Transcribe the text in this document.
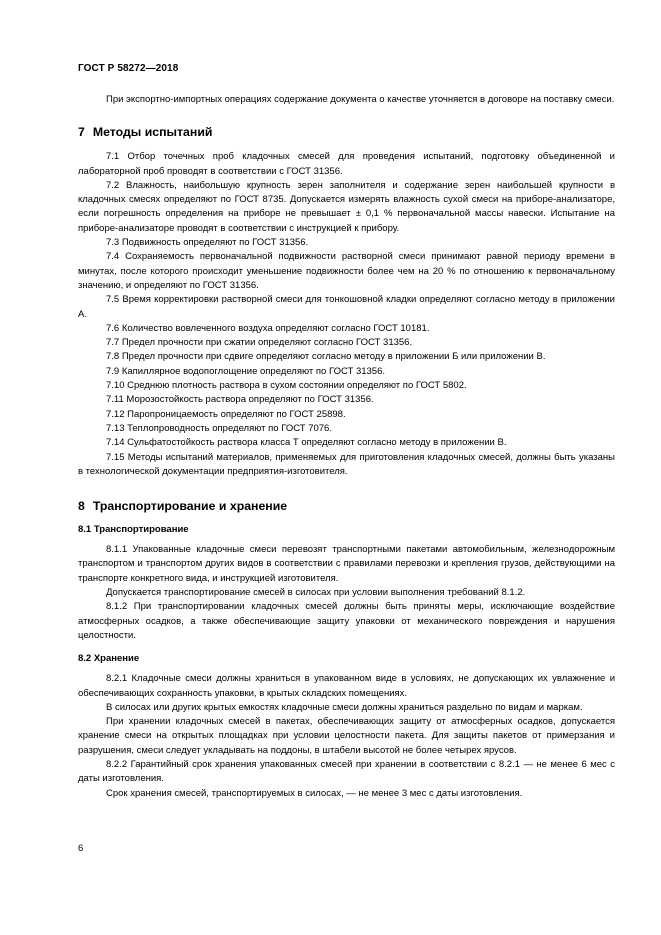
ГОСТ Р 58272—2018

При экспортно-импортных операциях содержание документа о качестве уточняется в договоре на поставку смеси.

7 Методы испытаний

7.1 Отбор точечных проб кладочных смесей для проведения испытаний, подготовку объединенной и лабораторной проб проводят в соответствии с ГОСТ 31356.

7.2 Влажность, наибольшую крупность зерен заполнителя и содержание зерен наибольшей крупности в кладочных смесях определяют по ГОСТ 8735. Допускается измерять влажность сухой смеси на приборе-анализаторе, если погрешность определения на приборе не превышает ± 0,1 % первоначальной массы навески. Испытание на приборе-анализаторе проводят в соответствии с инструкцией к прибору.

7.3 Подвижность определяют по ГОСТ 31356.

7.4 Сохраняемость первоначальной подвижности растворной смеси принимают равной периоду времени в минутах, после которого происходит уменьшение подвижности более чем на 20 % по отношению к первоначальному значению, и определяют по ГОСТ 31356.

7.5 Время корректировки растворной смеси для тонкошовной кладки определяют согласно методу в приложении А.

7.6 Количество вовлеченного воздуха определяют согласно ГОСТ 10181.

7.7 Предел прочности при сжатии определяют согласно ГОСТ 31356.

7.8 Предел прочности при сдвиге определяют согласно методу в приложении Б или приложении В.

7.9 Капиллярное водопоглощение определяют по ГОСТ 31356.

7.10 Среднюю плотность раствора в сухом состоянии определяют по ГОСТ 5802.

7.11 Морозостойкость раствора определяют по ГОСТ 31356.

7.12 Паропроницаемость определяют по ГОСТ 25898.

7.13 Теплопроводность определяют по ГОСТ 7076.

7.14 Сульфатостойкость раствора класса Т определяют согласно методу в приложении В.

7.15 Методы испытаний материалов, применяемых для приготовления кладочных смесей, должны быть указаны в технологической документации предприятия-изготовителя.

8 Транспортирование и хранение
8.1 Транспортирование

8.1.1 Упакованные кладочные смеси перевозят транспортными пакетами автомобильным, железнодорожным транспортом и транспортом других видов в соответствии с правилами перевозки и крепления грузов, действующими на транспорте конкретного вида, и инструкцией изготовителя.

Допускается транспортирование смесей в силосах при условии выполнения требований 8.1.2.

8.1.2 При транспортировании кладочных смесей должны быть приняты меры, исключающие воздействие атмосферных осадков, а также обеспечивающие защиту упаковки от механического повреждения и нарушения целостности.

8.2 Хранение

8.2.1 Кладочные смеси должны храниться в упакованном виде в условиях, не допускающих их увлажнение и обеспечивающих сохранность упаковки, в крытых складских помещениях.

В силосах или других крытых емкостях кладочные смеси должны храниться раздельно по видам и маркам.

При хранении кладочных смесей в пакетах, обеспечивающих защиту от атмосферных осадков, допускается хранение смеси на открытых площадках при условии целостности пакета. Для защиты пакетов от примерзания и разрушения, смеси следует укладывать на поддоны, в штабели высотой не более четырех ярусов.

8.2.2 Гарантийный срок хранения упакованных смесей при хранении в соответствии с 8.2.1 — не менее 6 мес с даты изготовления.

Срок хранения смесей, транспортируемых в силосах, — не менее 3 мес с даты изготовления.

6
